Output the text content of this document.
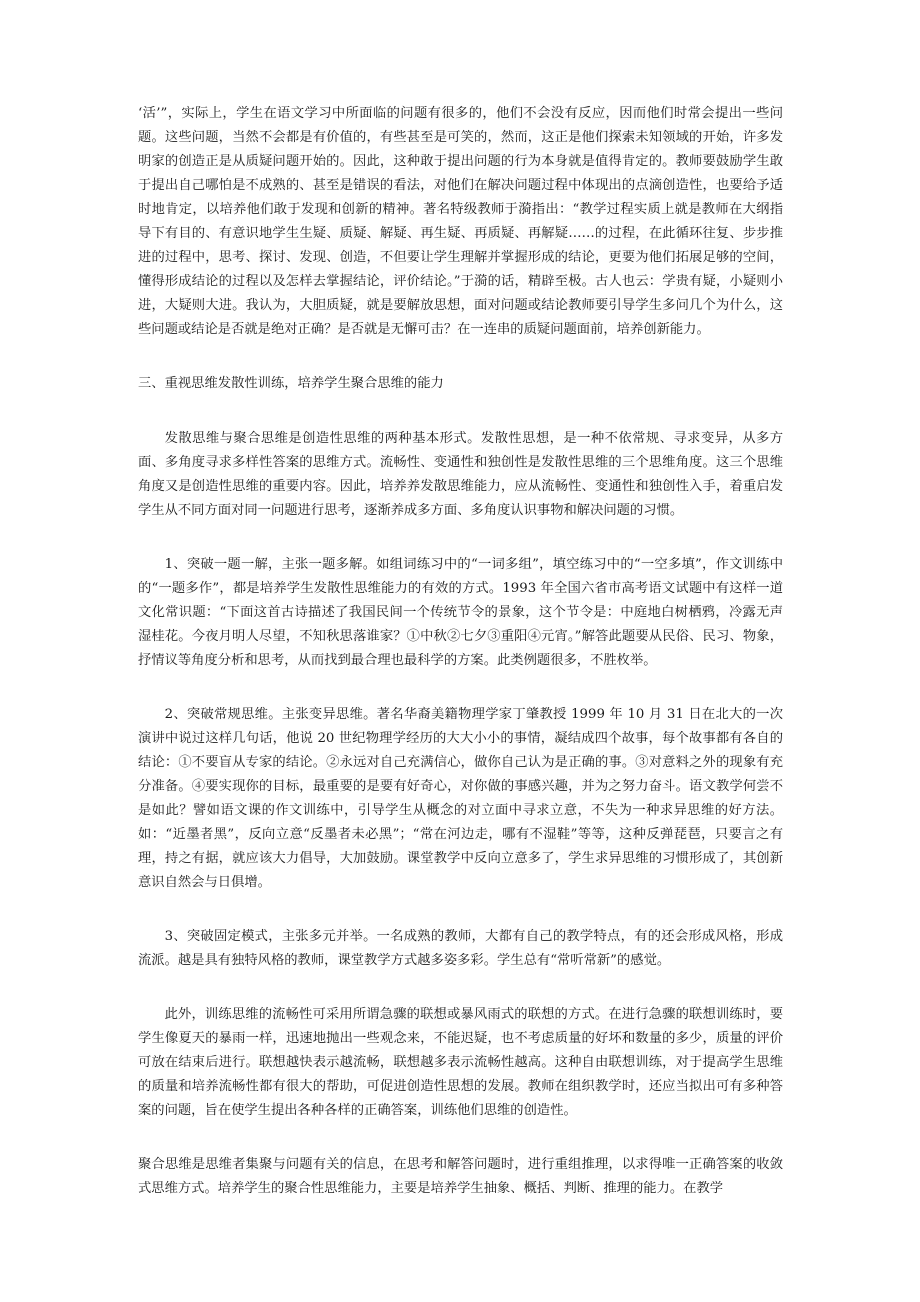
‘活’”，实际上，学生在语文学习中所面临的问题有很多的，他们不会没有反应，因而他们时常会提出一些问题。这些问题，当然不会都是有价值的，有些甚至是可笑的，然而，这正是他们探索未知领域的开始，许多发明家的创造正是从质疑问题开始的。因此，这种敢于提出问题的行为本身就是值得肯定的。教师要鼓励学生敢于提出自己哪怕是不成熟的、甚至是错误的看法，对他们在解决问题过程中体现出的点滴创造性，也要给予适时地肯定，以培养他们敢于发现和创新的精神。著名特级教师于漪指出：“教学过程实质上就是教师在大纲指导下有目的、有意识地学生生疑、质疑、解疑、再生疑、再质疑、再解疑……的过程，在此循环往复、步步推进的过程中，思考、探讨、发现、创造，不但要让学生理解并掌握形成的结论，更要为他们拓展足够的空间，懂得形成结论的过程以及怎样去掌握结论，评价结论。”于漪的话，精辟至极。古人也云：学贵有疑，小疑则小进，大疑则大进。我认为，大胆质疑，就是要解放思想，面对问题或结论教师要引导学生多问几个为什么，这些问题或结论是否就是绝对正确？是否就是无懈可击？在一连串的质疑问题面前，培养创新能力。

三、重视思维发散性训练，培养学生聚合思维的能力

发散思维与聚合思维是创造性思维的两种基本形式。发散性思想，是一种不依常规、寻求变异，从多方面、多角度寻求多样性答案的思维方式。流畅性、变通性和独创性是发散性思维的三个思维角度。这三个思维角度又是创造性思维的重要内容。因此，培养养发散思维能力，应从流畅性、变通性和独创性入手，着重启发学生从不同方面对同一问题进行思考，逐渐养成多方面、多角度认识事物和解决问题的习惯。

1、突破一题一解，主张一题多解。如组词练习中的“一词多组”，填空练习中的“一空多填”，作文训练中的“一题多作”，都是培养学生发散性思维能力的有效的方式。1993 年全国六省市高考语文试题中有这样一道文化常识题：“下面这首古诗描述了我国民间一个传统节令的景象，这个节令是：中庭地白树栖鸦，冷露无声湿桂花。今夜月明人尽望，不知秋思落谁家？①中秋②七夕③重阳④元宵。”解答此题要从民俗、民习、物象，抒情议等角度分析和思考，从而找到最合理也最科学的方案。此类例题很多，不胜枚举。

2、突破常规思维。主张变异思维。著名华裔美籍物理学家丁肇教授 1999 年 10 月 31 日在北大的一次演讲中说过这样几句话，他说 20 世纪物理学经历的大大小小的事情，凝结成四个故事，每个故事都有各自的结论：①不要盲从专家的结论。②永远对自己充满信心，做你自己认为是正确的事。③对意料之外的现象有充分准备。④要实现你的目标，最重要的是要有好奇心，对你做的事感兴趣，并为之努力奋斗。语文教学何尝不是如此？譬如语文课的作文训练中，引导学生从概念的对立面中寻求立意，不失为一种求异思维的好方法。如：“近墨者黑”，反向立意“反墨者未必黑”；“常在河边走，哪有不湿鞋”等等，这种反弹琵琶，只要言之有理，持之有据，就应该大力倡导，大加鼓励。课堂教学中反向立意多了，学生求异思维的习惯形成了，其创新意识自然会与日俱增。

3、突破固定模式，主张多元并举。一名成熟的教师，大都有自己的教学特点，有的还会形成风格，形成流派。越是具有独特风格的教师，课堂教学方式越多姿多彩。学生总有“常听常新”的感觉。

此外，训练思维的流畅性可采用所谓急骤的联想或暴风雨式的联想的方式。在进行急骤的联想训练时，要学生像夏天的暴雨一样，迅速地抛出一些观念来，不能迟疑，也不考虑质量的好坏和数量的多少，质量的评价可放在结束后进行。联想越快表示越流畅，联想越多表示流畅性越高。这种自由联想训练，对于提高学生思维的质量和培养流畅性都有很大的帮助，可促进创造性思想的发展。教师在组织教学时，还应当拟出可有多种答案的问题，旨在使学生提出各种各样的正确答案，训练他们思维的创造性。

聚合思维是思维者集聚与问题有关的信息，在思考和解答问题时，进行重组推理，以求得唯一正确答案的收敛式思维方式。培养学生的聚合性思维能力，主要是培养学生抽象、概括、判断、推理的能力。在教学
